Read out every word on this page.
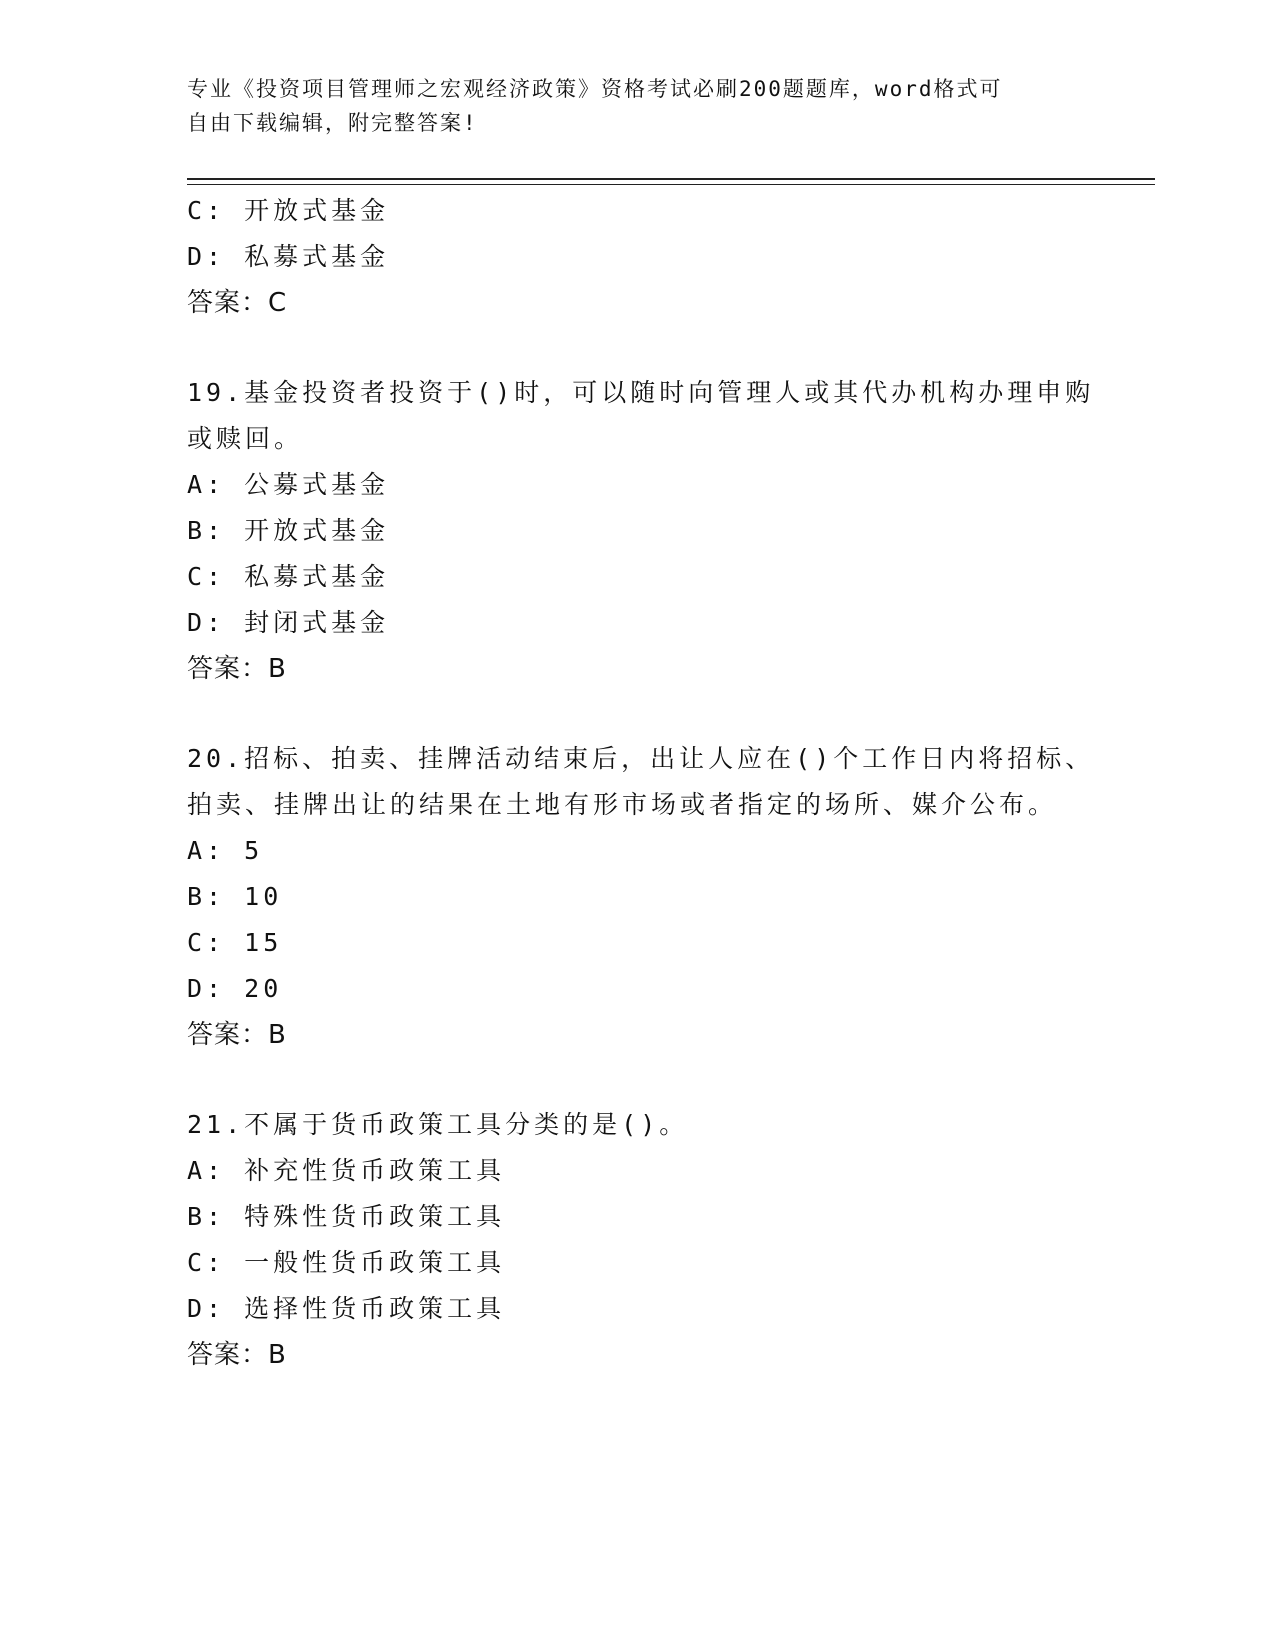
专业《投资项目管理师之宏观经济政策》资格考试必刷200题题库，word格式可
自由下载编辑，附完整答案!
C: 开放式基金
D: 私募式基金
答案：C
19.基金投资者投资于()时，可以随时向管理人或其代办机构办理申购
或赎回。
A: 公募式基金
B: 开放式基金
C: 私募式基金
D: 封闭式基金
答案：B
20.招标、拍卖、挂牌活动结束后，出让人应在()个工作日内将招标、
拍卖、挂牌出让的结果在土地有形市场或者指定的场所、媒介公布。
A: 5
B: 10
C: 15
D: 20
答案：B
21.不属于货币政策工具分类的是()。
A: 补充性货币政策工具
B: 特殊性货币政策工具
C: 一般性货币政策工具
D: 选择性货币政策工具
答案：B
